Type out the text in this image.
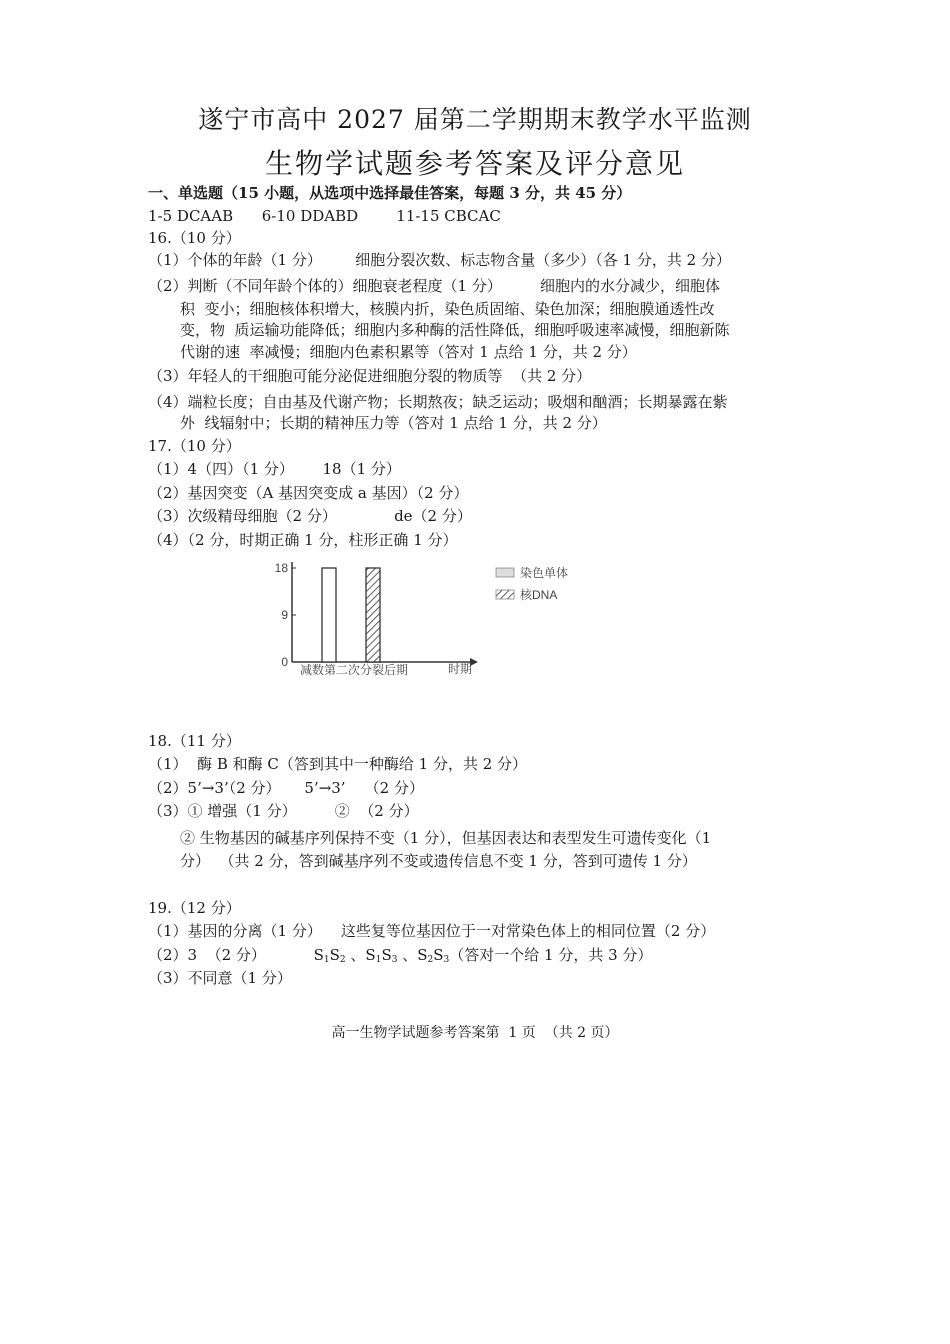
遂宁市高中 2027 届第二学期期末教学水平监测
生物学试题参考答案及评分意见
一、单选题（15 小题，从选项中选择最佳答案，每题 3 分，共 45 分）
1-5 DCAAB      6-10 DDABD        11-15 CBCAC
16.（10 分）
（1）个体的年龄（1 分）       细胞分裂次数、标志物含量（多少）（各 1 分，共 2 分）
（2）判断（不同年龄个体的）细胞衰老程度（1 分）        细胞内的水分减少，细胞体
积  变小；细胞核体积增大，核膜内折，染色质固缩、染色加深；细胞膜通透性改
变，物  质运输功能降低；细胞内多种酶的活性降低，细胞呼吸速率减慢，细胞新陈
代谢的速  率减慢；细胞内色素积累等（答对 1 点给 1 分，共 2 分）
（3）年轻人的干细胞可能分泌促进细胞分裂的物质等  （共 2 分）
（4）端粒长度；自由基及代谢产物；长期熬夜；缺乏运动；吸烟和酗酒；长期暴露在紫
外  线辐射中；长期的精神压力等（答对 1 点给 1 分，共 2 分）
17.（10 分）
（1）4（四）（1 分）      18（1 分）
（2）基因突变（A 基因突变成 a 基因）（2 分）
（3）次级精母细胞（2 分）            de（2 分）
（4）（2 分，时期正确 1 分，柱形正确 1 分）
18
9
0
减数第二次分裂后期	时期
染色单体
核DNA
18.（11 分）
（1）  酶 B 和酶 C（答到其中一种酶给 1 分，共 2 分）
（2）5’→3’（2 分）     5’→3’    （2 分）
（3）① 增强（1 分）        ②  （2 分）
② 生物基因的碱基序列保持不变（1 分），但基因表达和表型发生可遗传变化（1
分）  （共 2 分，答到碱基序列不变或遗传信息不变 1 分，答到可遗传 1 分）
19.（12 分）
（1）基因的分离（1 分）    这些复等位基因位于一对常染色体上的相同位置（2 分）
（2）3  （2 分）          $S_1S_2$ 、$S_1S_3$ 、$S_2S_3$（答对一个给 1 分，共 3 分）
（3）不同意（1 分）
高一生物学试题参考答案第  1 页  （共 2 页）
